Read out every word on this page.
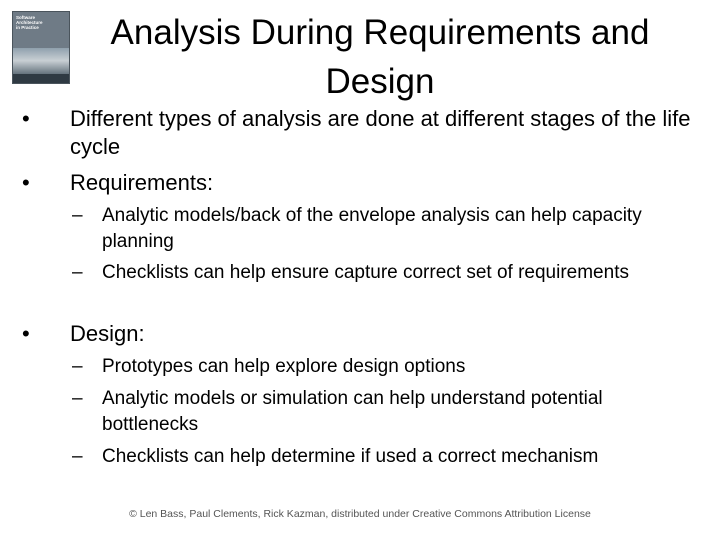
Software
Architecture
in Practice	Analysis During Requirements and
Design
• Different types of analysis are done at different stages of the life cycle
• Requirements:
– Analytic models/back of the envelope analysis can help capacity planning
– Checklists can help ensure capture correct set of requirements
• Design:
– Prototypes can help explore design options
– Analytic models or simulation can help understand potential bottlenecks
– Checklists can help determine if used a correct mechanism
© Len Bass, Paul Clements, Rick Kazman, distributed under Creative Commons Attribution License
